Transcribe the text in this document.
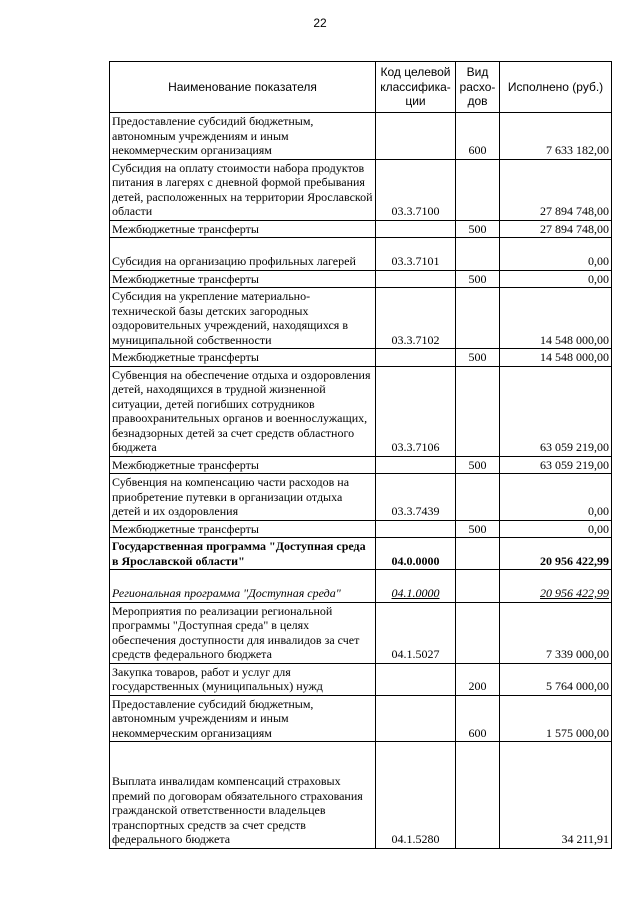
22
Наименование показателя	Код целевой классифика-ции	Вид расхо-дов	Исполнено (руб.)
Предоставление субсидий бюджетным, автономным учреждениям и иным некоммерческим организациям		600	7 633 182,00
Субсидия на оплату стоимости набора продуктов питания в лагерях с дневной формой пребывания детей, расположенных на территории Ярославской области	03.3.7100		27 894 748,00
Межбюджетные трансферты		500	27 894 748,00
Субсидия на организацию профильных лагерей	03.3.7101		0,00
Межбюджетные трансферты		500	0,00
Субсидия на укрепление материально-технической базы детских загородных оздоровительных учреждений, находящихся в муниципальной собственности	03.3.7102		14 548 000,00
Межбюджетные трансферты		500	14 548 000,00
Субвенция на обеспечение отдыха и оздоровления детей, находящихся в трудной жизненной ситуации, детей погибших сотрудников правоохранительных органов и военнослужащих, безнадзорных детей за счет средств областного бюджета	03.3.7106		63 059 219,00
Межбюджетные трансферты		500	63 059 219,00
Субвенция на компенсацию части расходов на приобретение путевки в организации отдыха детей и их оздоровления	03.3.7439		0,00
Межбюджетные трансферты		500	0,00
Государственная программа "Доступная среда в Ярославской области"	04.0.0000		20 956 422,99
Региональная программа "Доступная среда"	04.1.0000		20 956 422,99
Мероприятия по реализации региональной программы "Доступная среда" в целях обеспечения доступности для инвалидов за счет средств федерального бюджета	04.1.5027		7 339 000,00
Закупка товаров, работ и услуг для государственных (муниципальных) нужд		200	5 764 000,00
Предоставление субсидий бюджетным, автономным учреждениям и иным некоммерческим организациям		600	1 575 000,00
Выплата инвалидам компенсаций страховых премий по договорам обязательного страхования гражданской ответственности владельцев транспортных средств за счет средств федерального бюджета	04.1.5280		34 211,91
